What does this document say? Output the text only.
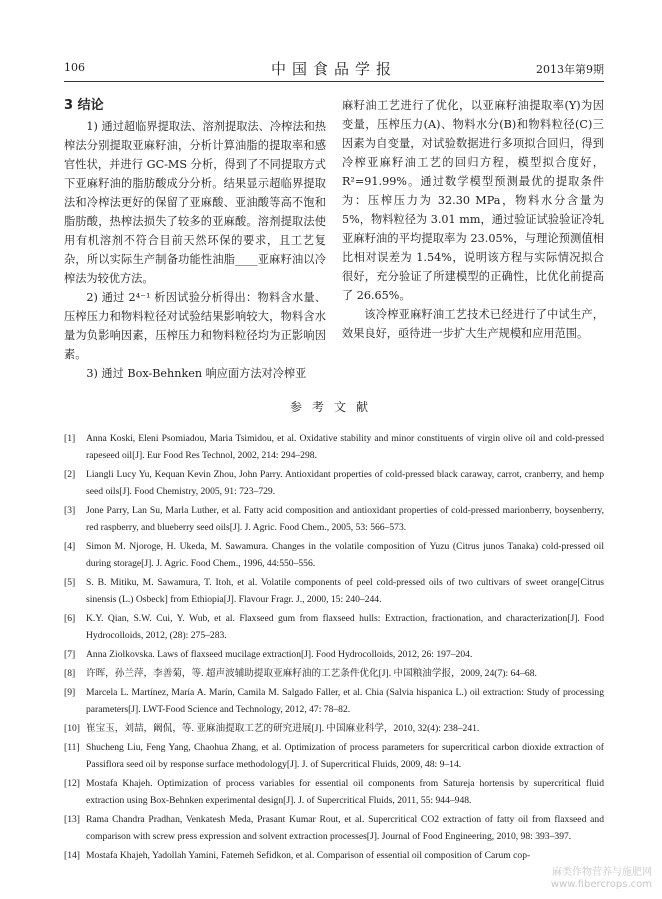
106	中国食品学报	2013年第9期

3 结论

1) 通过超临界提取法、溶剂提取法、冷榨法和热榨法分别提取亚麻籽油，分析计算油脂的提取率和感官性状，并进行 GC-MS 分析，得到了不同提取方式下亚麻籽油的脂肪酸成分分析。结果显示超临界提取法和冷榨法更好的保留了亚麻酸、亚油酸等高不饱和脂肪酸，热榨法损失了较多的亚麻酸。溶剂提取法使用有机溶剂不符合目前天然环保的要求，且工艺复杂，所以实际生产制备功能性油脂____亚麻籽油以冷榨法为较优方法。

2) 通过 2⁴⁻¹ 析因试验分析得出：物料含水量、压榨压力和物料粒径对试验结果影响较大，物料含水量为负影响因素，压榨压力和物料粒径均为正影响因素。

3) 通过 Box-Behnken 响应面方法对冷榨亚

麻籽油工艺进行了优化，以亚麻籽油提取率(Y)为因变量，压榨压力(A)、物料水分(B)和物料粒径(C)三因素为自变量，对试验数据进行多项拟合回归，得到冷榨亚麻籽油工艺的回归方程，模型拟合度好，R²=91.99%。通过数学模型预测最优的提取条件为：压榨压力为 32.30 MPa，物料水分含量为 5%，物料粒径为 3.01 mm，通过验证试验验证冷轧亚麻籽油的平均提取率为 23.05%，与理论预测值相比相对误差为 1.54%，说明该方程与实际情况拟合很好，充分验证了所建模型的正确性，比优化前提高了 26.65%。

该冷榨亚麻籽油工艺技术已经进行了中试生产，效果良好，亟待进一步扩大生产规模和应用范围。

参考文献
[1] Anna Koski, Eleni Psomiadou, Maria Tsimidou, et al. Oxidative stability and minor constituents of virgin olive oil and cold-pressed rapeseed oil[J]. Eur Food Res Technol, 2002, 214: 294–298.
[2] Liangli Lucy Yu, Kequan Kevin Zhou, John Parry. Antioxidant properties of cold-pressed black caraway, carrot, cranberry, and hemp seed oils[J]. Food Chemistry, 2005, 91: 723–729.
[3] Jone Parry, Lan Su, Marla Luther, et al. Fatty acid composition and antioxidant properties of cold-pressed marionberry, boysenberry, red raspberry, and blueberry seed oils[J]. J. Agric. Food Chem., 2005, 53: 566–573.
[4] Simon M. Njoroge, H. Ukeda, M. Sawamura. Changes in the volatile composition of Yuzu (Citrus junos Tanaka) cold-pressed oil during storage[J]. J. Agric. Food Chem., 1996, 44:550–556.
[5] S. B. Mitiku, M. Sawamura, T. Itoh, et al. Volatile components of peel cold-pressed oils of two cultivars of sweet orange[Citrus sinensis (L.) Osbeck] from Ethiopia[J]. Flavour Fragr. J., 2000, 15: 240–244.
[6] K.Y. Qian, S.W. Cui, Y. Wub, et al. Flaxseed gum from flaxseed hulls: Extraction, fractionation, and characterization[J]. Food Hydrocolloids, 2012, (28): 275–283.
[7] Anna Ziolkovska. Laws of flaxseed mucilage extraction[J]. Food Hydrocolloids, 2012, 26: 197–204.
[8] 许晖，孙兰萍，李善菊，等. 超声波辅助提取亚麻籽油的工艺条件优化[J]. 中国粮油学报，2009, 24(7): 64–68.
[9] Marcela L. Martínez, María A. Marín, Camila M. Salgado Faller, et al. Chia (Salvia hispanica L.) oil extraction: Study of processing parameters[J]. LWT-Food Science and Technology, 2012, 47: 78–82.
[10] 崔宝玉，刘喆，阚侃，等. 亚麻油提取工艺的研究进展[J]. 中国麻业科学，2010, 32(4): 238–241.
[11] Shucheng Liu, Feng Yang, Chaohua Zhang, et al. Optimization of process parameters for supercritical carbon dioxide extraction of Passiflora seed oil by response surface methodology[J]. J. of Supercritical Fluids, 2009, 48: 9–14.
[12] Mostafa Khajeh. Optimization of process variables for essential oil components from Satureja hortensis by supercritical fluid extraction using Box-Behnken experimental design[J]. J. of Supercritical Fluids, 2011, 55: 944–948.
[13] Rama Chandra Pradhan, Venkatesh Meda, Prasant Kumar Rout, et al. Supercritical CO2 extraction of fatty oil from flaxseed and comparison with screw press expression and solvent extraction processes[J]. Journal of Food Engineering, 2010, 98: 393–397.
[14] Mostafa Khajeh, Yadollah Yamini, Fatemeh Sefidkon, et al. Comparison of essential oil composition of Carum cop-
麻类作物营养与施肥网
www.fibercrops.com
